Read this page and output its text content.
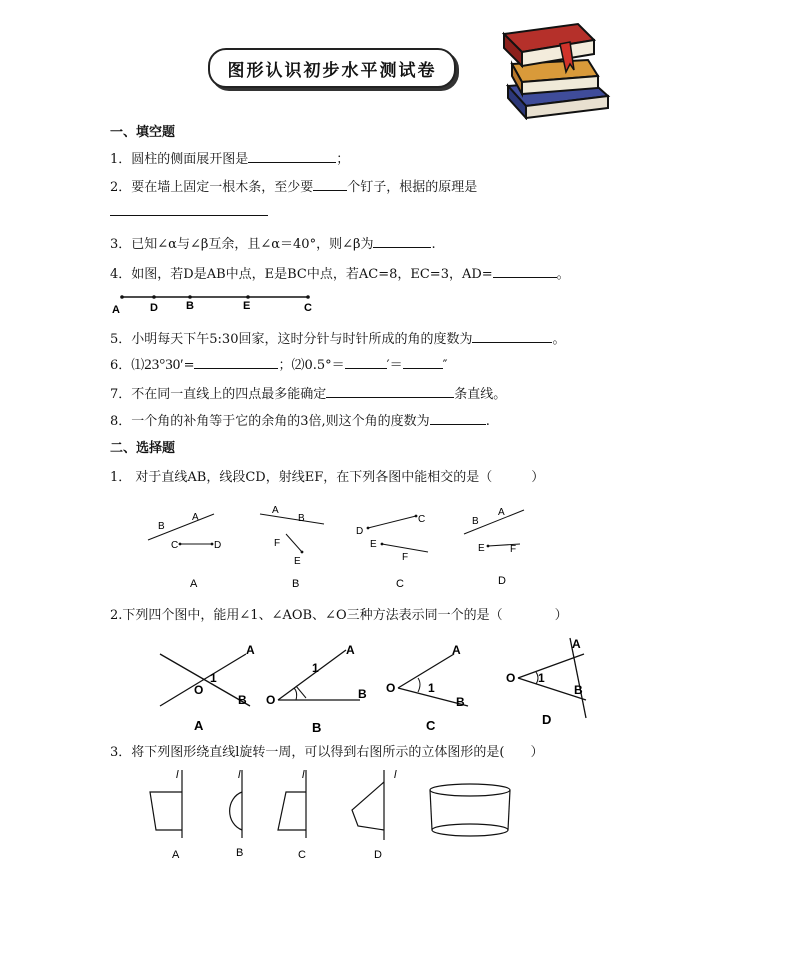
图形认识初步水平测试卷
一、填空题
1．圆柱的侧面展开图是	；
2．要在墙上固定一根木条，至少要	个钉子，根据的原理是
3．已知∠α与∠β互余，且∠α＝40°，则∠β为	.
4．如图，若D是AB中点，E是BC中点，若AC=8，EC=3，AD=	。
A	D	B	E	C
5．小明每天下午5:30回家，这时分针与时针所成的角的度数为	。
6．⑴23°30′=	；⑵0.5°＝	′＝	″
7．不在同一直线上的四点最多能确定	条直线。
8．一个角的补角等于它的余角的3倍,则这个角的度数为	.
二、选择题
1． 对于直线AB，线段CD，射线EF，在下列各图中能相交的是（　　　）
B
A
C	D
A
A
B
F
E
B
D
C
E
F
C
B
A
E	F
D
2.下列四个图中，能用∠1、∠AOB、∠O三种方法表示同一个的是（　　　　）
A
B
O
1
A
O
A
B
1
B
O
A
B
1
C
O
A
B
1
D
3．将下列图形绕直线l旋转一周，可以得到右图所示的立体图形的是(　　）
l
A
l
B
l
C
l
D
